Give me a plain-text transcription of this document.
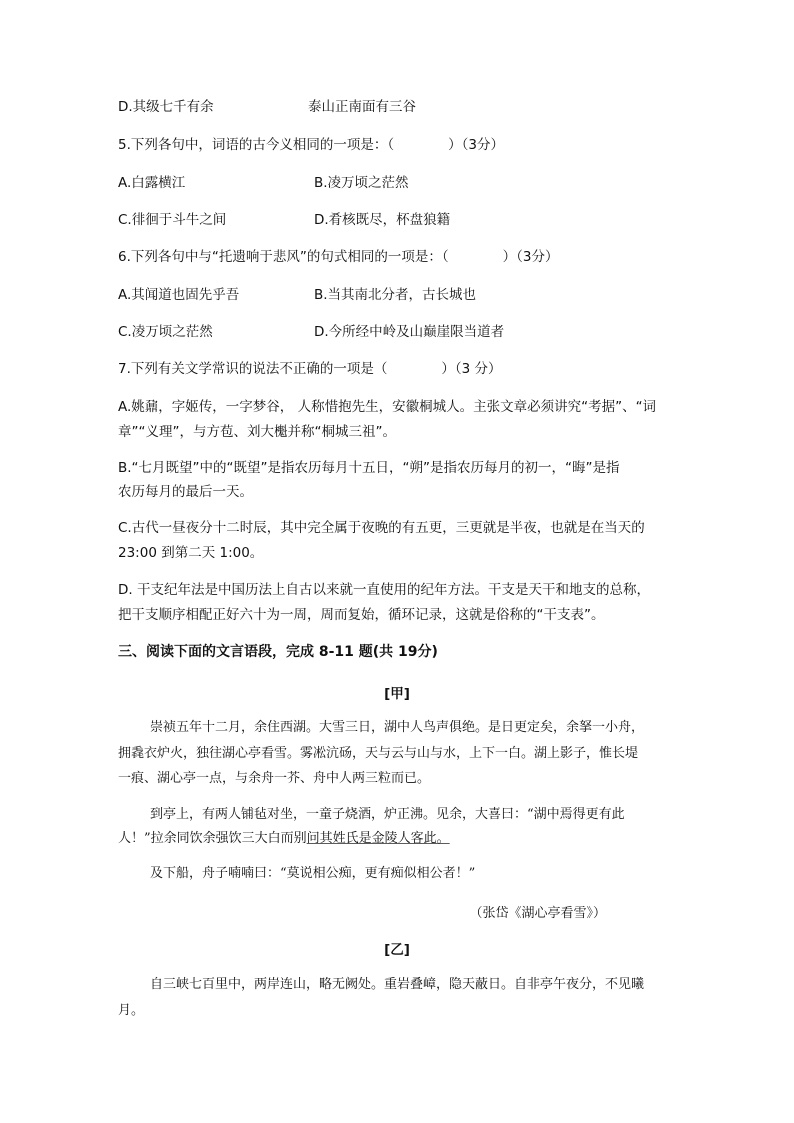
D.其级七千有余	泰山正南面有三谷
5.下列各句中，词语的古今义相同的一项是：（　　　　）（3分）
A.白露横江	B.凌万顷之茫然
C.徘徊于斗牛之间	D.肴核既尽，杯盘狼籍
6.下列各句中与“托遗响于悲风”的句式相同的一项是：（　　　　）（3分）
A.其闻道也固先乎吾	B.当其南北分者，古长城也
C.凌万顷之茫然	D.今所经中岭及山巅崖限当道者
7.下列有关文学常识的说法不正确的一项是（　　　　）（3 分）
A.姚鼐，字姬传，一字梦谷， 人称惜抱先生，安徽桐城人。主张文章必须讲究“考据”、“词
章”“义理”，与方苞、刘大櫆并称“桐城三祖”。
B.“七月既望”中的“既望”是指农历每月十五日，“朔”是指农历每月的初一，“晦”是指
农历每月的最后一天。
C.古代一昼夜分十二时辰，其中完全属于夜晚的有五更，三更就是半夜，也就是在当天的
23:00 到第二天 1:00。
D. 干支纪年法是中国历法上自古以来就一直使用的纪年方法。干支是天干和地支的总称，
把干支顺序相配正好六十为一周，周而复始，循环记录，这就是俗称的“干支表”。
三、阅读下面的文言语段，完成 8-11 题(共 19分)
[甲]
崇祯五年十二月，余住西湖。大雪三日，湖中人鸟声俱绝。是日更定矣，余拏一小舟，
拥毳衣炉火，独往湖心亭看雪。雾凇沆砀，天与云与山与水，上下一白。湖上影子，惟长堤
一痕、湖心亭一点，与余舟一芥、舟中人两三粒而已。
到亭上，有两人铺毡对坐，一童子烧酒，炉正沸。见余，大喜曰：“湖中焉得更有此
人！”拉余同饮余强饮三大白而别问其姓氏是金陵人客此。
及下船，舟子喃喃曰：“莫说相公痴，更有痴似相公者！”
（张岱《湖心亭看雪》）
[乙]
自三峡七百里中，两岸连山，略无阙处。重岩叠嶂，隐天蔽日。自非亭午夜分，不见曦
月。
